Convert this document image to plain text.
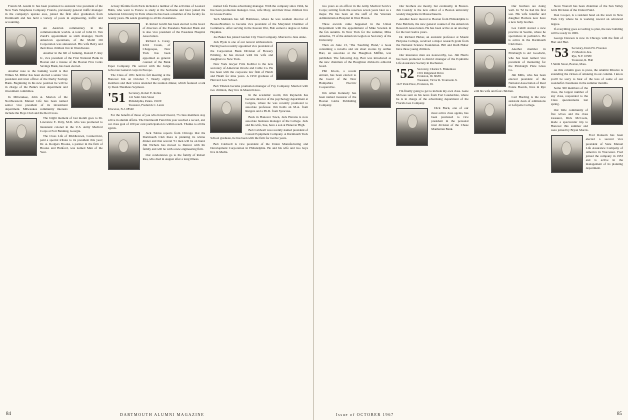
Francis M. Austin Jr. has been promoted to assistant vice president of the New York Telephone Company. Francis, previously general traffic manager in the company's upstate area, joined the firm after graduation from Dartmouth and has held a variety of posts in engineering, traffic and accounting.

An Austrian commentary in the commencement worlds. A total of John D. Van Zandt's appointment as sixth manager, North American operations, of the Mobil Oil Corporation was announced. His wife Betty and their three children live in Westchester.

Another in the bill of banking, Ronald F. Ray Jr., vice president of the First National Bank in Boston and a trustee of the Boston Five Cents Savings Bank, has been elected.

Another note to the banking world is that Wilkes M. Miller has been elected a senior vice president and trust officer of the Derby Savings Bank. Beginning in his new position he will be in charge of the Bank's trust department and investment committee.

In Milwaukee, John A. Morton of the Northwestern Mutual Life has been named senior vice president of its investment department. Milwaukee community interests include the Boys Club and the Red Cross.

The bright moment of last month goes to Dr. Lawrence E. Petty, M.D. who was promoted to lieutenant colonel in the U.S. Army Medical Corps at Fort Benning, Georgia.

The Class Life of Middletown, Connecticut, paid a special tribute to its president this year; Dr. A. Rodgers Brooks, a partner in the firm of Brooks and Hanford, was named Man of the Year.

A busy lifetime from Paris included a number of the activities of Leonard Hahn, who went to France to study at the Sorbonne and later joined the American University in Paris where he has been a member of the faculty for twenty years. He sends greetings to all his classmates.

R. Robert Grubb has been elected to the board of directors of the Pasadena National Bank and is also vice president of the Pasadena Hospital Association.

Richard L. Carey, 2216 Creek, of Chappaqua, New York has been appointed as general counsel of the Bank Paper Company. He served with the Judge Advocate General corps in Europe.

The Class of 1951 held its fall meeting at the Hanover Inn on October 7. Nearly eighty members and their wives attended the reunion dinner, which featured a talk by Dean Thaddeus Seymour.

'51	Secretary, Robert E. Rolles
141 Saint John Street
Philadelphia, Penna. 19109
Treasurer, Frederick C. Lantz
Princeton, N.J. 08540

For the benefit of those of you who haven't heard, 75 class members stay active in alumni affairs. The Dartmouth Fund this year reached a record, and our class goal of 100 per cent participation is within reach. Thanks to all the agents.

Jack Tobias reports from Chicago that the Dartmouth Club there is planning its winter dinner and that several '51 men will be on hand. Jim Nichols has moved to Denver with his family and will be with a new engineering firm.

Our condolences go to the family of Robert Rea, who died in August after a long illness.

named Life Fauna advertising manager. With the company since 1964, he has been promotion manager. Lisa, wife Mary, and their three children live in Grosse Pointe.

Tech Mehiden has left Baltimore, where he was resident director of Booze-Brothers to become vice president of the Maryland Chamber of Commerce. After serving in the Korean War, Bob earned a degree at Johns Hopkins.

Joe Baker has joined Garden City Trust Company. Married to Jane Anne.

Jack Hyde is one of our newest ambassadors. Having been recently appointed vice president of the Corporation Bank Division of Bowery Printing, he has moved with his wife and daughters to New York.

New York lawyer Fritz Kolblot is the new secretary of American Oracle and Cable Co. He has been with the corporate law firm of Hatch and Heath for nine years. A 1950 graduate of Harvard Law School.

Bob Thielen became promotion manager of Fay Company. Married with two children, they live in Mount Kisco.

In the academic world, Jim Reynolds has become director of the psychology department at Colgate, where he was recently promoted to associate professor. Jim holds an M.A. from Rutgers and a Ph.D. from Syracuse.

Back in Hanover Town, Jack Havens is now associate business manager of the College. Jack and his wife, Sue, have a son at Hanover High.

Bob Caldwell was recently named president of Cassatt Equipment Company. A Dartmouth Tuck School graduate, he has been with the firm for twelve years.

Bob Caldwell is vice president of the Union Manufacturing and Development Corporation in Philadelphia. He and his wife and two boys live in Media.

84	DARTMOUTH ALUMNI MAGAZINE

two years as an officer in the Army Medical Service Corps; retiring from the reserves seven years later as a major. He has been on the staff of the Veterans Administration Hospital in West Haven.

Three awards came happened in the Union Department with the appointment of Mike Sowden in the fan autumn. In New York for the summer, Mike Amerine, 73 of the American Legion as Secretary of the University.

Then on June 13, 'The Touching Hand,' a book containing a novella and six short stories by Arthur Barr, an associate at the Houghton Mifflin, was published. The following day, Barr was introduced as the new chairman of the Houghton division's editorial board.

Phil Klock, a recent entrant, has been elected to the board of the New Hampshire Electric Cooperative.

Jim Allen Kennedy has been named treasurer of the Boston Globe Publishing Company.

Our brothers are mostly, but eventually, in Boston. Jim Cassidy is the new editor of a Boston university weekly magazine in Massachusetts.

Another hoax: moved to Boston from Philadelphia is Pete Baldwin, the new general counsel of the American Research Association. He has been active as an attorney for the last twelve years.

Dr. Richard Huber, an assistant professor at Mount Holyoke College, received a major research grant from the National Science Foundation. Bill and Ruth Huber have three young children.

Our insurance men are noteworthy, too. Jim Harris has been promoted to district manager of the Equitable Life Assurance Society in Rochester.

'52	Secretary, Charles S. Blakemore
1501 Ridgeland Drive
Evanston, Ill. 60201
Treasurer, Victor R. Troutwein Jr.
1227 Park Place, Evanston, Ill.

I'm finally going to get to include my own class. Gene McLees sent us his news from Fort Lauderdale, where he is in charge of the advertising department of the Florida Gas Company.

Dick Buck, one of our most active class agents, has been promoted to vice president in the personal trust division of the Chase Manhattan Bank.

Our brothers are doing well. In '52 he had his first son. His wife Jennifer and daughter Barbara now have a new baby brother.

Les Cahill started a new practice in Seattle, where he specializes in pediatrics. He is active in the Dartmouth Club there.

Another member in Pittsburgh is Art Goodwin, who has been named vice president of marketing for the Pittsburgh Plate Glass Co.

Jim Mills, who has been elected president of the National Association of Real Estate Boards, lives in Rye with his wife and four children.

Carl Harding is the new assistant dean of admissions at Lafayette College.

Steve Worrell has been chairman of the Sun Valley Girls Division of the United Fund.

Don Cooper, is a resident head on the town in New York City where he is working toward an advanced degree.

If everything goes according to plan, the new building will be ready in 1969.

George Dawson is now in Chicago with the firm of Hart and Hart.

'53	Secretary, David W. Florence
15 Meadow Ave.
Rye, N.Y. 10580
Treasurer, R. Hall
5 Smith Street, Boston, Mass.

As this column goes to press, the Alumni Missive is extending the virtues of smoking in our column. I know you'll be sorry to hear of the loss of some of our wonderful classmates in the summer months.

Some 300 members of the class, the largest number of any class, responded to the Class questionnaire last spring.

Our little community of five wives and the class treasurer, Dick McCoole, made a spectacular trip to Hanover this summer and were joined by Bryan Morris.

Fred Ransom has been elected a second vice president of State Mutual Life Assurance Company of America in Worcester. Fred joined the company in 1953 and is active in the management of its planning department.

Issue of OCTOBER 1967	85
